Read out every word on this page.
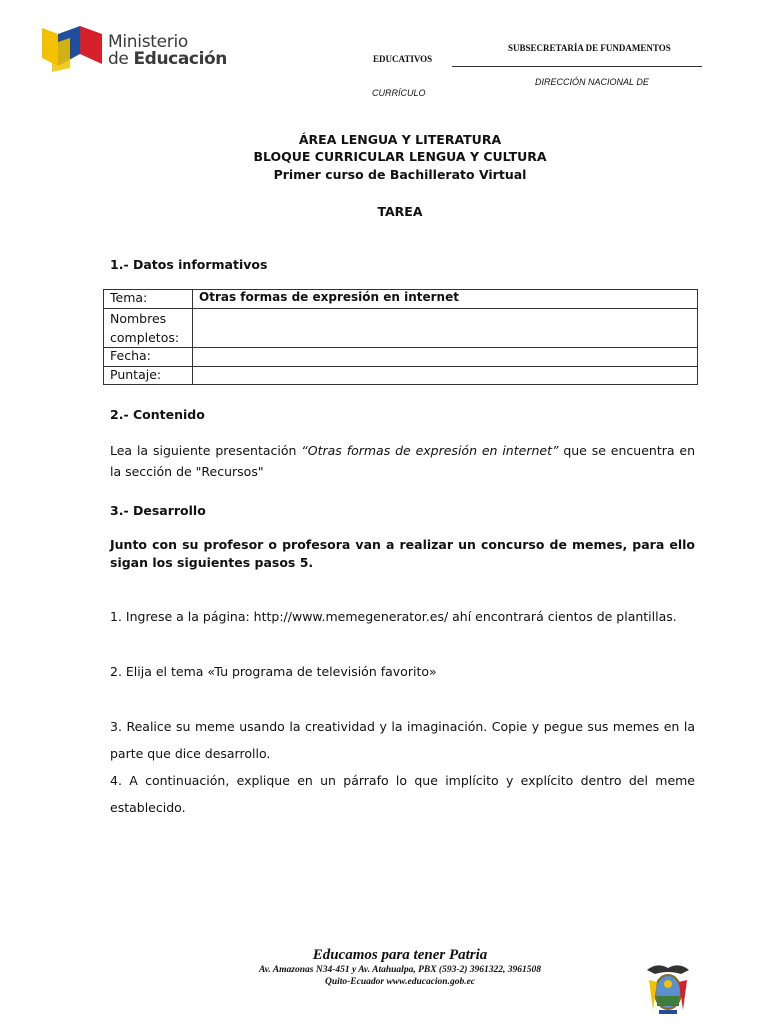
Ministerio
de Educación
SUBSECRETARÍA DE FUNDAMENTOS
EDUCATIVOS
DIRECCIÓN NACIONAL DE
CURRÍCULO
ÁREA LENGUA Y LITERATURA
BLOQUE CURRICULAR LENGUA Y CULTURA
Primer curso de Bachillerato Virtual
TAREA
1.- Datos informativos
Tema:	Otras formas de expresión en internet

Nombres
completos:	

Fecha:	
Puntaje:	
2.- Contenido
Lea la siguiente presentación “Otras formas de expresión en internet” que se encuentra en la sección de "Recursos"
3.- Desarrollo
Junto con su profesor o profesora van a realizar un concurso de memes, para ello sigan los siguientes pasos 5.
1. Ingrese a la página: http://www.memegenerator.es/ ahí encontrará cientos de plantillas.
2. Elija el tema «Tu programa de televisión favorito»
3. Realice su meme usando la creatividad y la imaginación. Copie y pegue sus memes en la parte que dice desarrollo.
4. A continuación, explique en un párrafo lo que implícito y explícito dentro del meme establecido.
Educamos para tener Patria
Av. Amazonas N34-451 y Av. Atahualpa, PBX (593-2) 3961322, 3961508
Quito-Ecuador www.educacion.gob.ec
